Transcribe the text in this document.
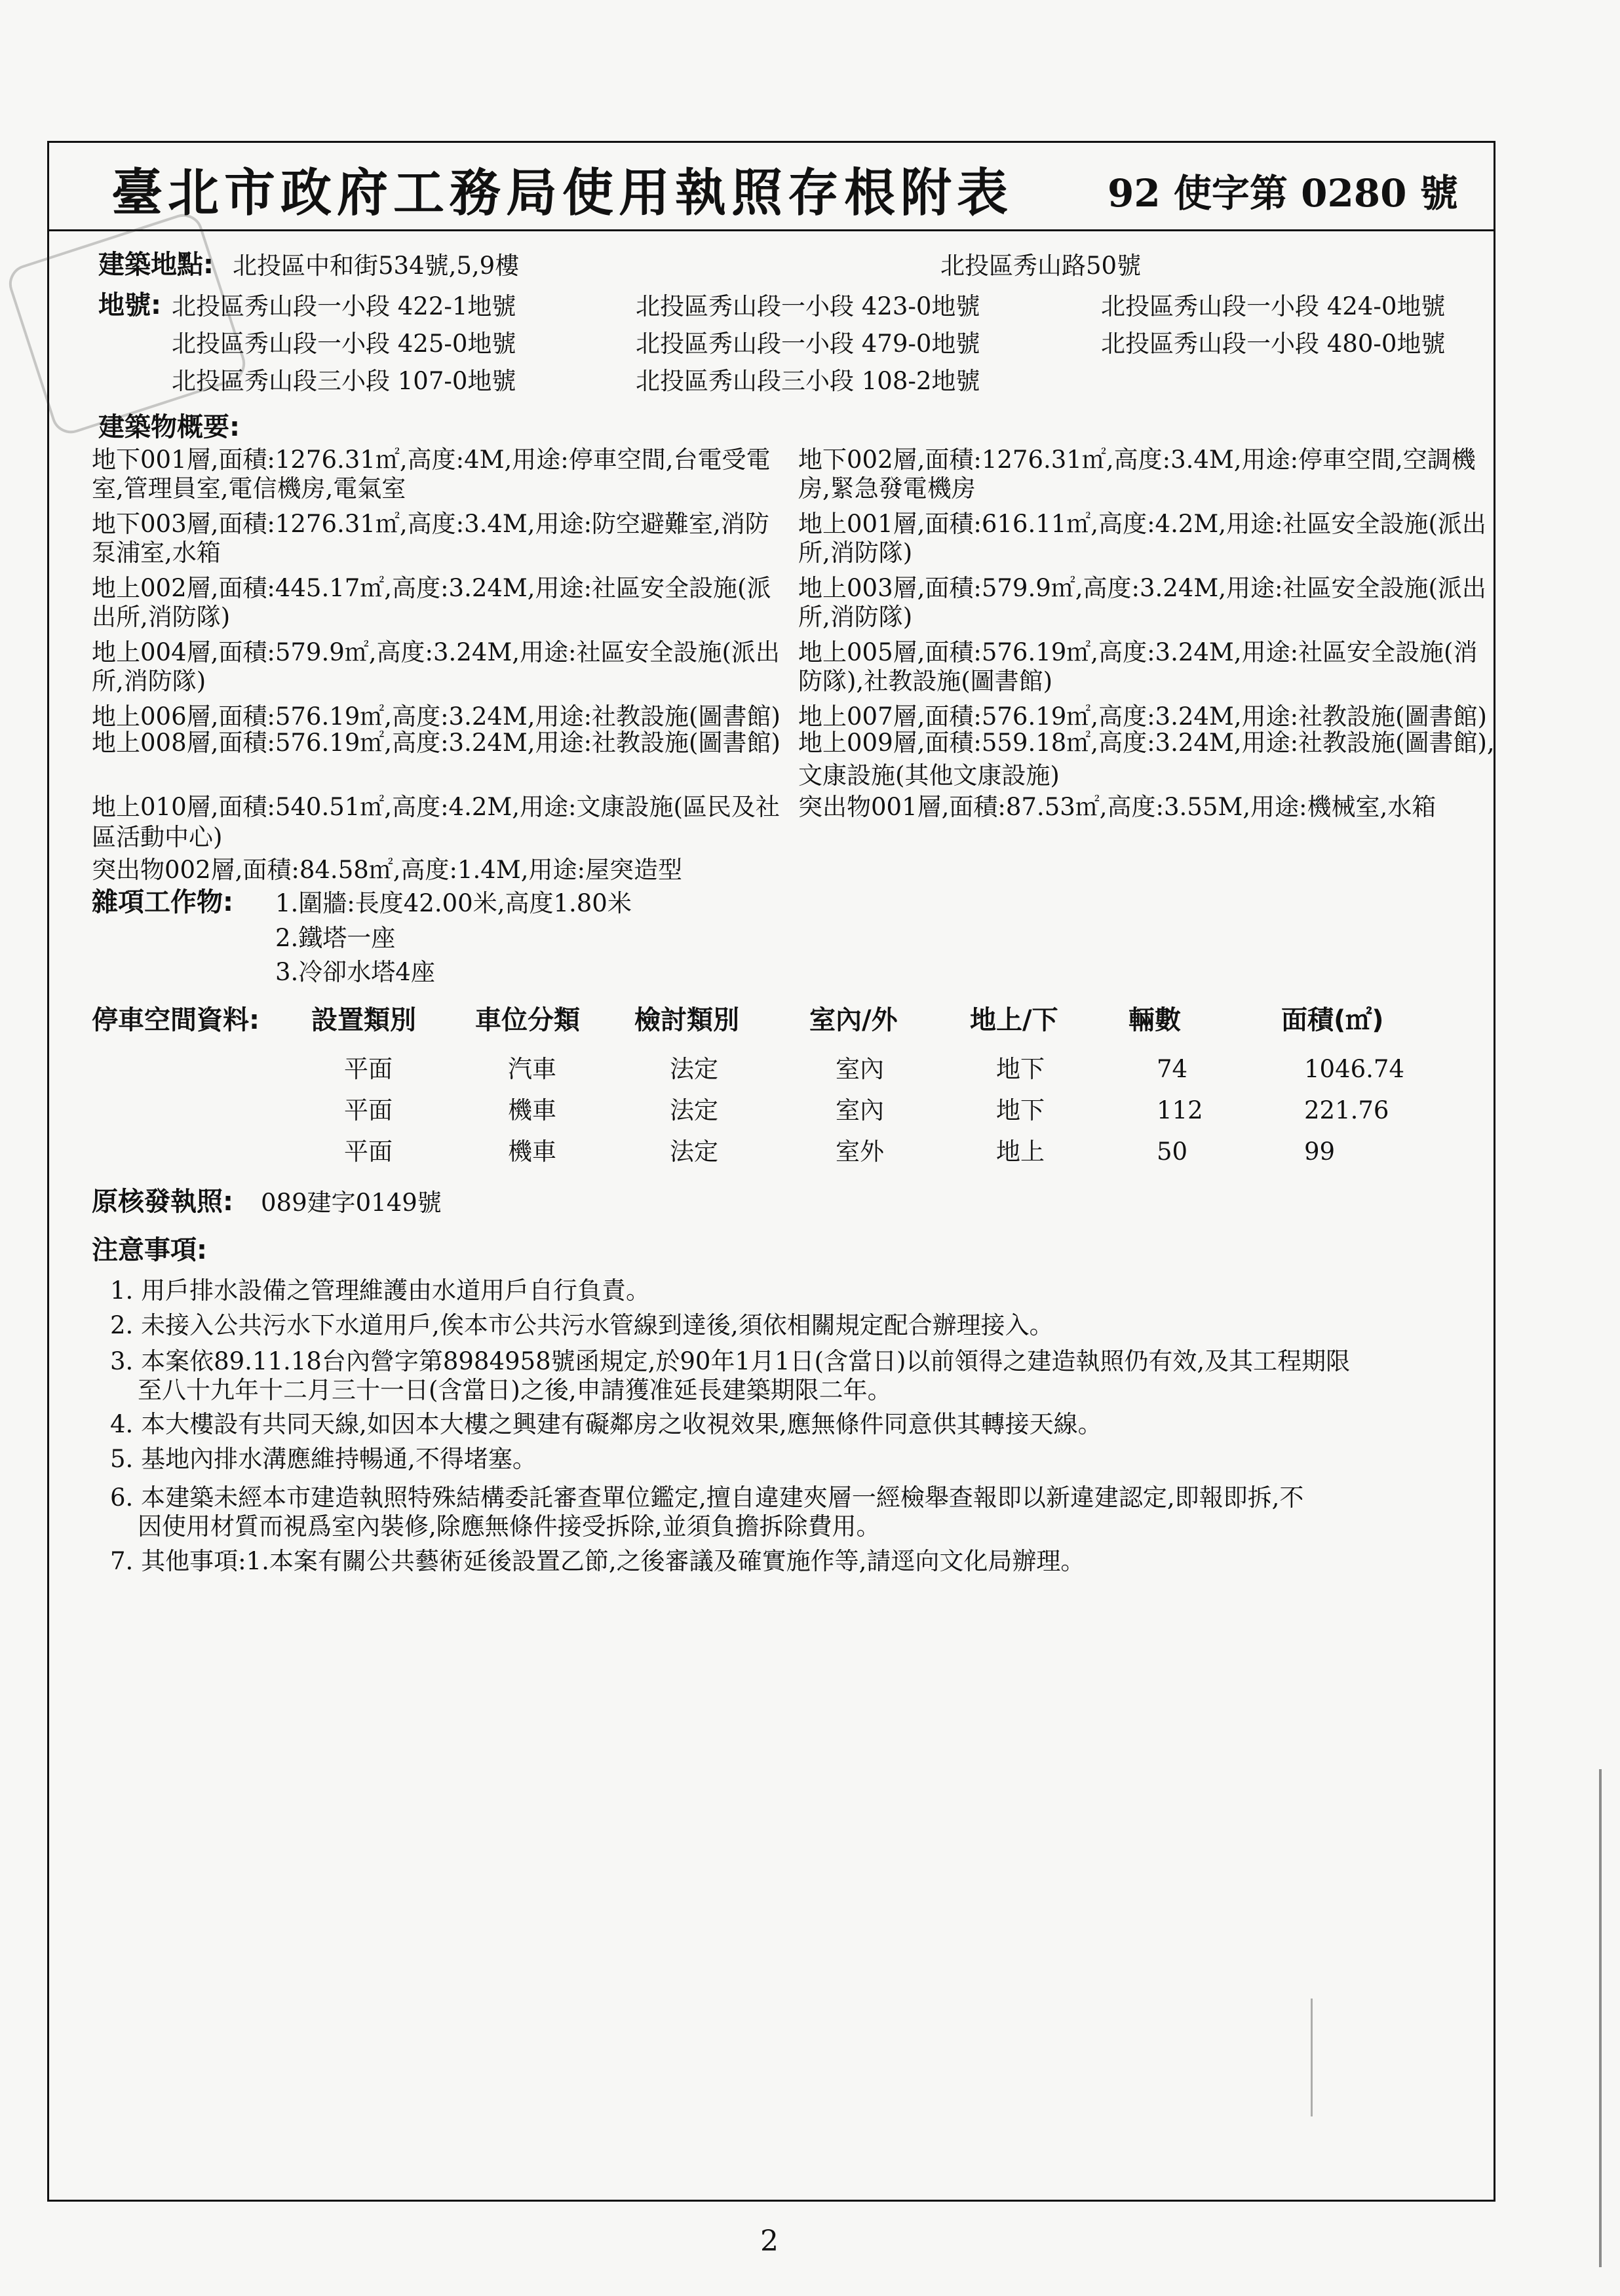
臺北市政府工務局使用執照存根附表 92 使字第 0280 號
建築地點: 北投區中和街534號,5,9樓	北投區秀山路50號
地號: 北投區秀山段一小段 422-1地號	北投區秀山段一小段 423-0地號	北投區秀山段一小段 424-0地號
北投區秀山段一小段 425-0地號	北投區秀山段一小段 479-0地號	北投區秀山段一小段 480-0地號
北投區秀山段三小段 107-0地號	北投區秀山段三小段 108-2地號
建築物概要:
地下001層,面積:1276.31㎡,高度:4M,用途:停車空間,台電受電 地下002層,面積:1276.31㎡,高度:3.4M,用途:停車空間,空調機
室,管理員室,電信機房,電氣室	房,緊急發電機房
地下003層,面積:1276.31㎡,高度:3.4M,用途:防空避難室,消防 地上001層,面積:616.11㎡,高度:4.2M,用途:社區安全設施(派出
泵浦室,水箱	所,消防隊)
地上002層,面積:445.17㎡,高度:3.24M,用途:社區安全設施(派 地上003層,面積:579.9㎡,高度:3.24M,用途:社區安全設施(派出
出所,消防隊)	所,消防隊)
地上004層,面積:579.9㎡,高度:3.24M,用途:社區安全設施(派出 地上005層,面積:576.19㎡,高度:3.24M,用途:社區安全設施(消
所,消防隊)	防隊),社教設施(圖書館)
地上006層,面積:576.19㎡,高度:3.24M,用途:社教設施(圖書館) 地上007層,面積:576.19㎡,高度:3.24M,用途:社教設施(圖書館)
地上008層,面積:576.19㎡,高度:3.24M,用途:社教設施(圖書館) 地上009層,面積:559.18㎡,高度:3.24M,用途:社教設施(圖書館),
文康設施(其他文康設施)
地上010層,面積:540.51㎡,高度:4.2M,用途:文康設施(區民及社 突出物001層,面積:87.53㎡,高度:3.55M,用途:機械室,水箱
區活動中心)
突出物002層,面積:84.58㎡,高度:1.4M,用途:屋突造型
雜項工作物: 1.圍牆:長度42.00米,高度1.80米
2.鐵塔一座
3.冷卻水塔4座
停車空間資料: 設置類別 車位分類 檢討類別	室內/外	地上/下	輛數	面積(㎡)
平面	汽車	法定	室內	地下	74	1046.74
平面	機車	法定	室內	地下	112	221.76
平面	機車	法定	室外	地上	50	99
原核發執照: 089建字0149號
注意事項:
1. 用戶排水設備之管理維護由水道用戶自行負責。
2. 未接入公共污水下水道用戶,俟本市公共污水管線到達後,須依相關規定配合辦理接入。
3. 本案依89.11.18台內營字第8984958號函規定,於90年1月1日(含當日)以前領得之建造執照仍有效,及其工程期限
至八十九年十二月三十一日(含當日)之後,申請獲准延長建築期限二年。
4. 本大樓設有共同天線,如因本大樓之興建有礙鄰房之收視效果,應無條件同意供其轉接天線。
5. 基地內排水溝應維持暢通,不得堵塞。
6. 本建築未經本市建造執照特殊結構委託審查單位鑑定,擅自違建夾層一經檢舉查報即以新違建認定,即報即拆,不
因使用材質而視爲室內裝修,除應無條件接受拆除,並須負擔拆除費用。
7. 其他事項:1.本案有關公共藝術延後設置乙節,之後審議及確實施作等,請逕向文化局辦理。
2
